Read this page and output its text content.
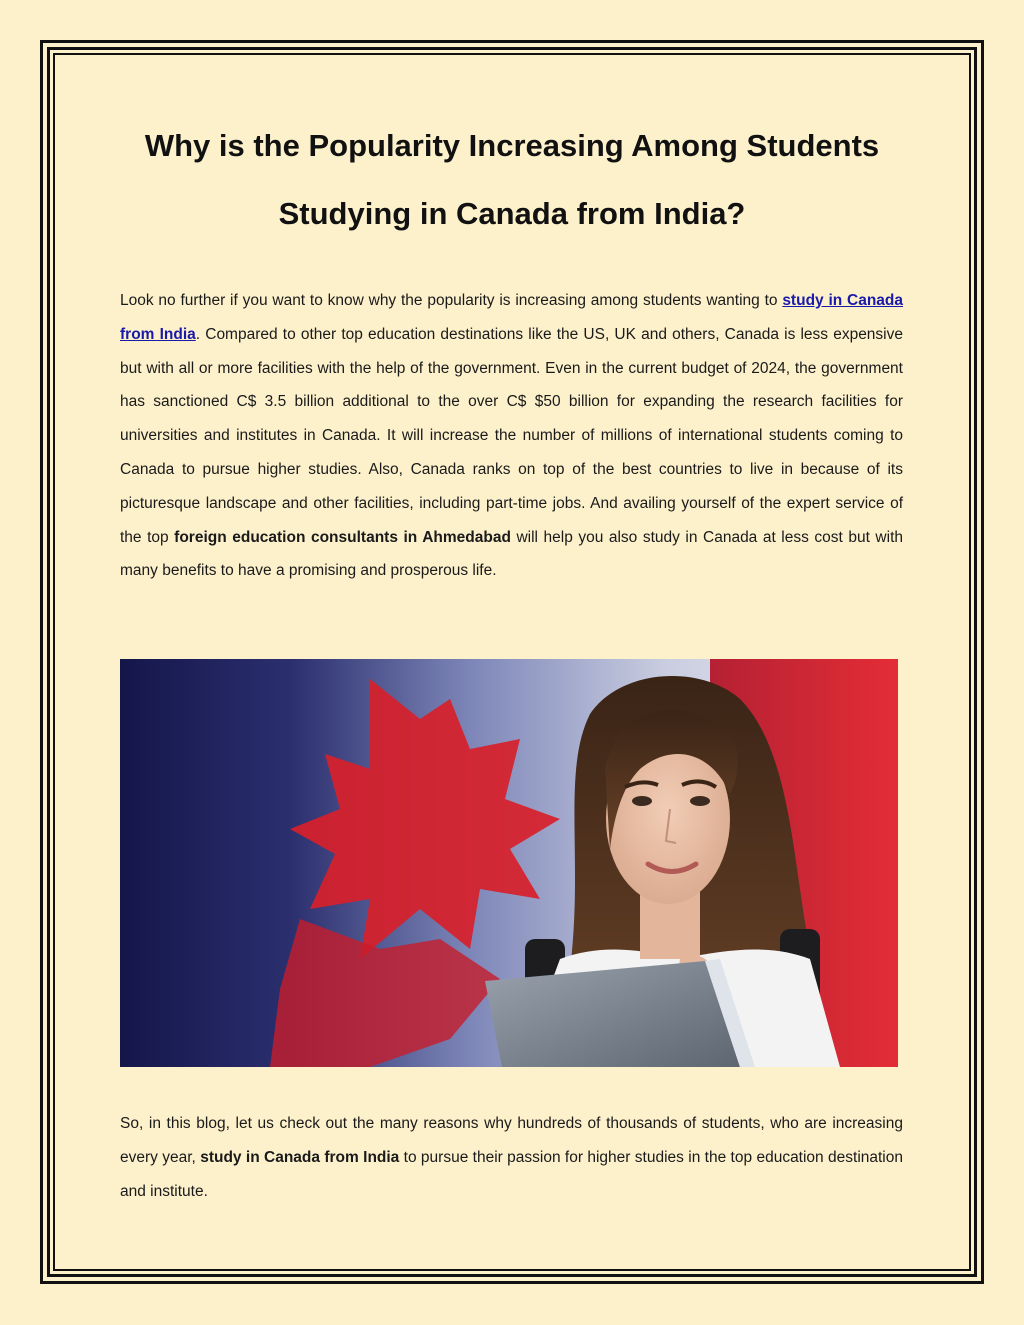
Why is the Popularity Increasing Among Students
Studying in Canada from India?

Look no further if you want to know why the popularity is increasing among students wanting to study in Canada from India. Compared to other top education destinations like the US, UK and others, Canada is less expensive but with all or more facilities with the help of the government. Even in the current budget of 2024, the government has sanctioned C$ 3.5 billion additional to the over C$ $50 billion for expanding the research facilities for universities and institutes in Canada. It will increase the number of millions of international students coming to Canada to pursue higher studies. Also, Canada ranks on top of the best countries to live in because of its picturesque landscape and other facilities, including part-time jobs. And availing yourself of the expert service of the top foreign education consultants in Ahmedabad will help you also study in Canada at less cost but with many benefits to have a promising and prosperous life.

So, in this blog, let us check out the many reasons why hundreds of thousands of students, who are increasing every year, study in Canada from India to pursue their passion for higher studies in the top education destination and institute.
